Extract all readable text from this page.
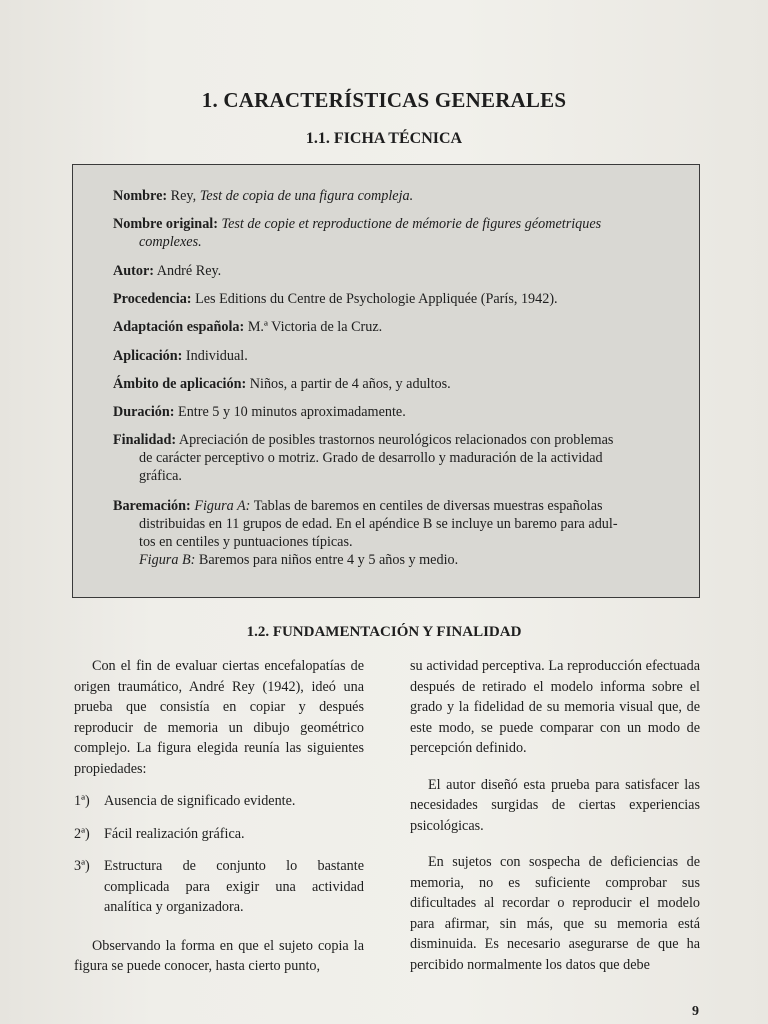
1. CARACTERÍSTICAS GENERALES
1.1. FICHA TÉCNICA
Nombre: Rey, Test de copia de una figura compleja.
Nombre original: Test de copie et reproductione de mémorie de figures géometriques
complexes.
Autor: André Rey.
Procedencia: Les Editions du Centre de Psychologie Appliquée (París, 1942).
Adaptación española: M.ª Victoria de la Cruz.
Aplicación: Individual.
Ámbito de aplicación: Niños, a partir de 4 años, y adultos.
Duración: Entre 5 y 10 minutos aproximadamente.
Finalidad: Apreciación de posibles trastornos neurológicos relacionados con problemas
de carácter perceptivo o motriz. Grado de desarrollo y maduración de la actividad
gráfica.
Baremación: Figura A: Tablas de baremos en centiles de diversas muestras españolas
distribuidas en 11 grupos de edad. En el apéndice B se incluye un baremo para adul-
tos en centiles y puntuaciones típicas.
Figura B: Baremos para niños entre 4 y 5 años y medio.
1.2. FUNDAMENTACIÓN Y FINALIDAD

Con el fin de evaluar ciertas encefalopatías de origen traumático, André Rey (1942), ideó una prueba que consistía en copiar y después reproducir de memoria un dibujo geométrico complejo. La figura elegida reunía las siguientes propiedades:

1ª) Ausencia de significado evidente.
2ª) Fácil realización gráfica.
3ª) Estructura de conjunto lo bastante complicada para exigir una actividad analítica y organizadora.

Observando la forma en que el sujeto copia la figura se puede conocer, hasta cierto punto,

su actividad perceptiva. La reproducción efectuada después de retirado el modelo informa sobre el grado y la fidelidad de su memoria visual que, de este modo, se puede comparar con un modo de percepción definido.

El autor diseñó esta prueba para satisfacer las necesidades surgidas de ciertas experiencias psicológicas.

En sujetos con sospecha de deficiencias de memoria, no es suficiente comprobar sus dificultades al recordar o reproducir el modelo para afirmar, sin más, que su memoria está disminuida. Es necesario asegurarse de que ha percibido normalmente los datos que debe

9
